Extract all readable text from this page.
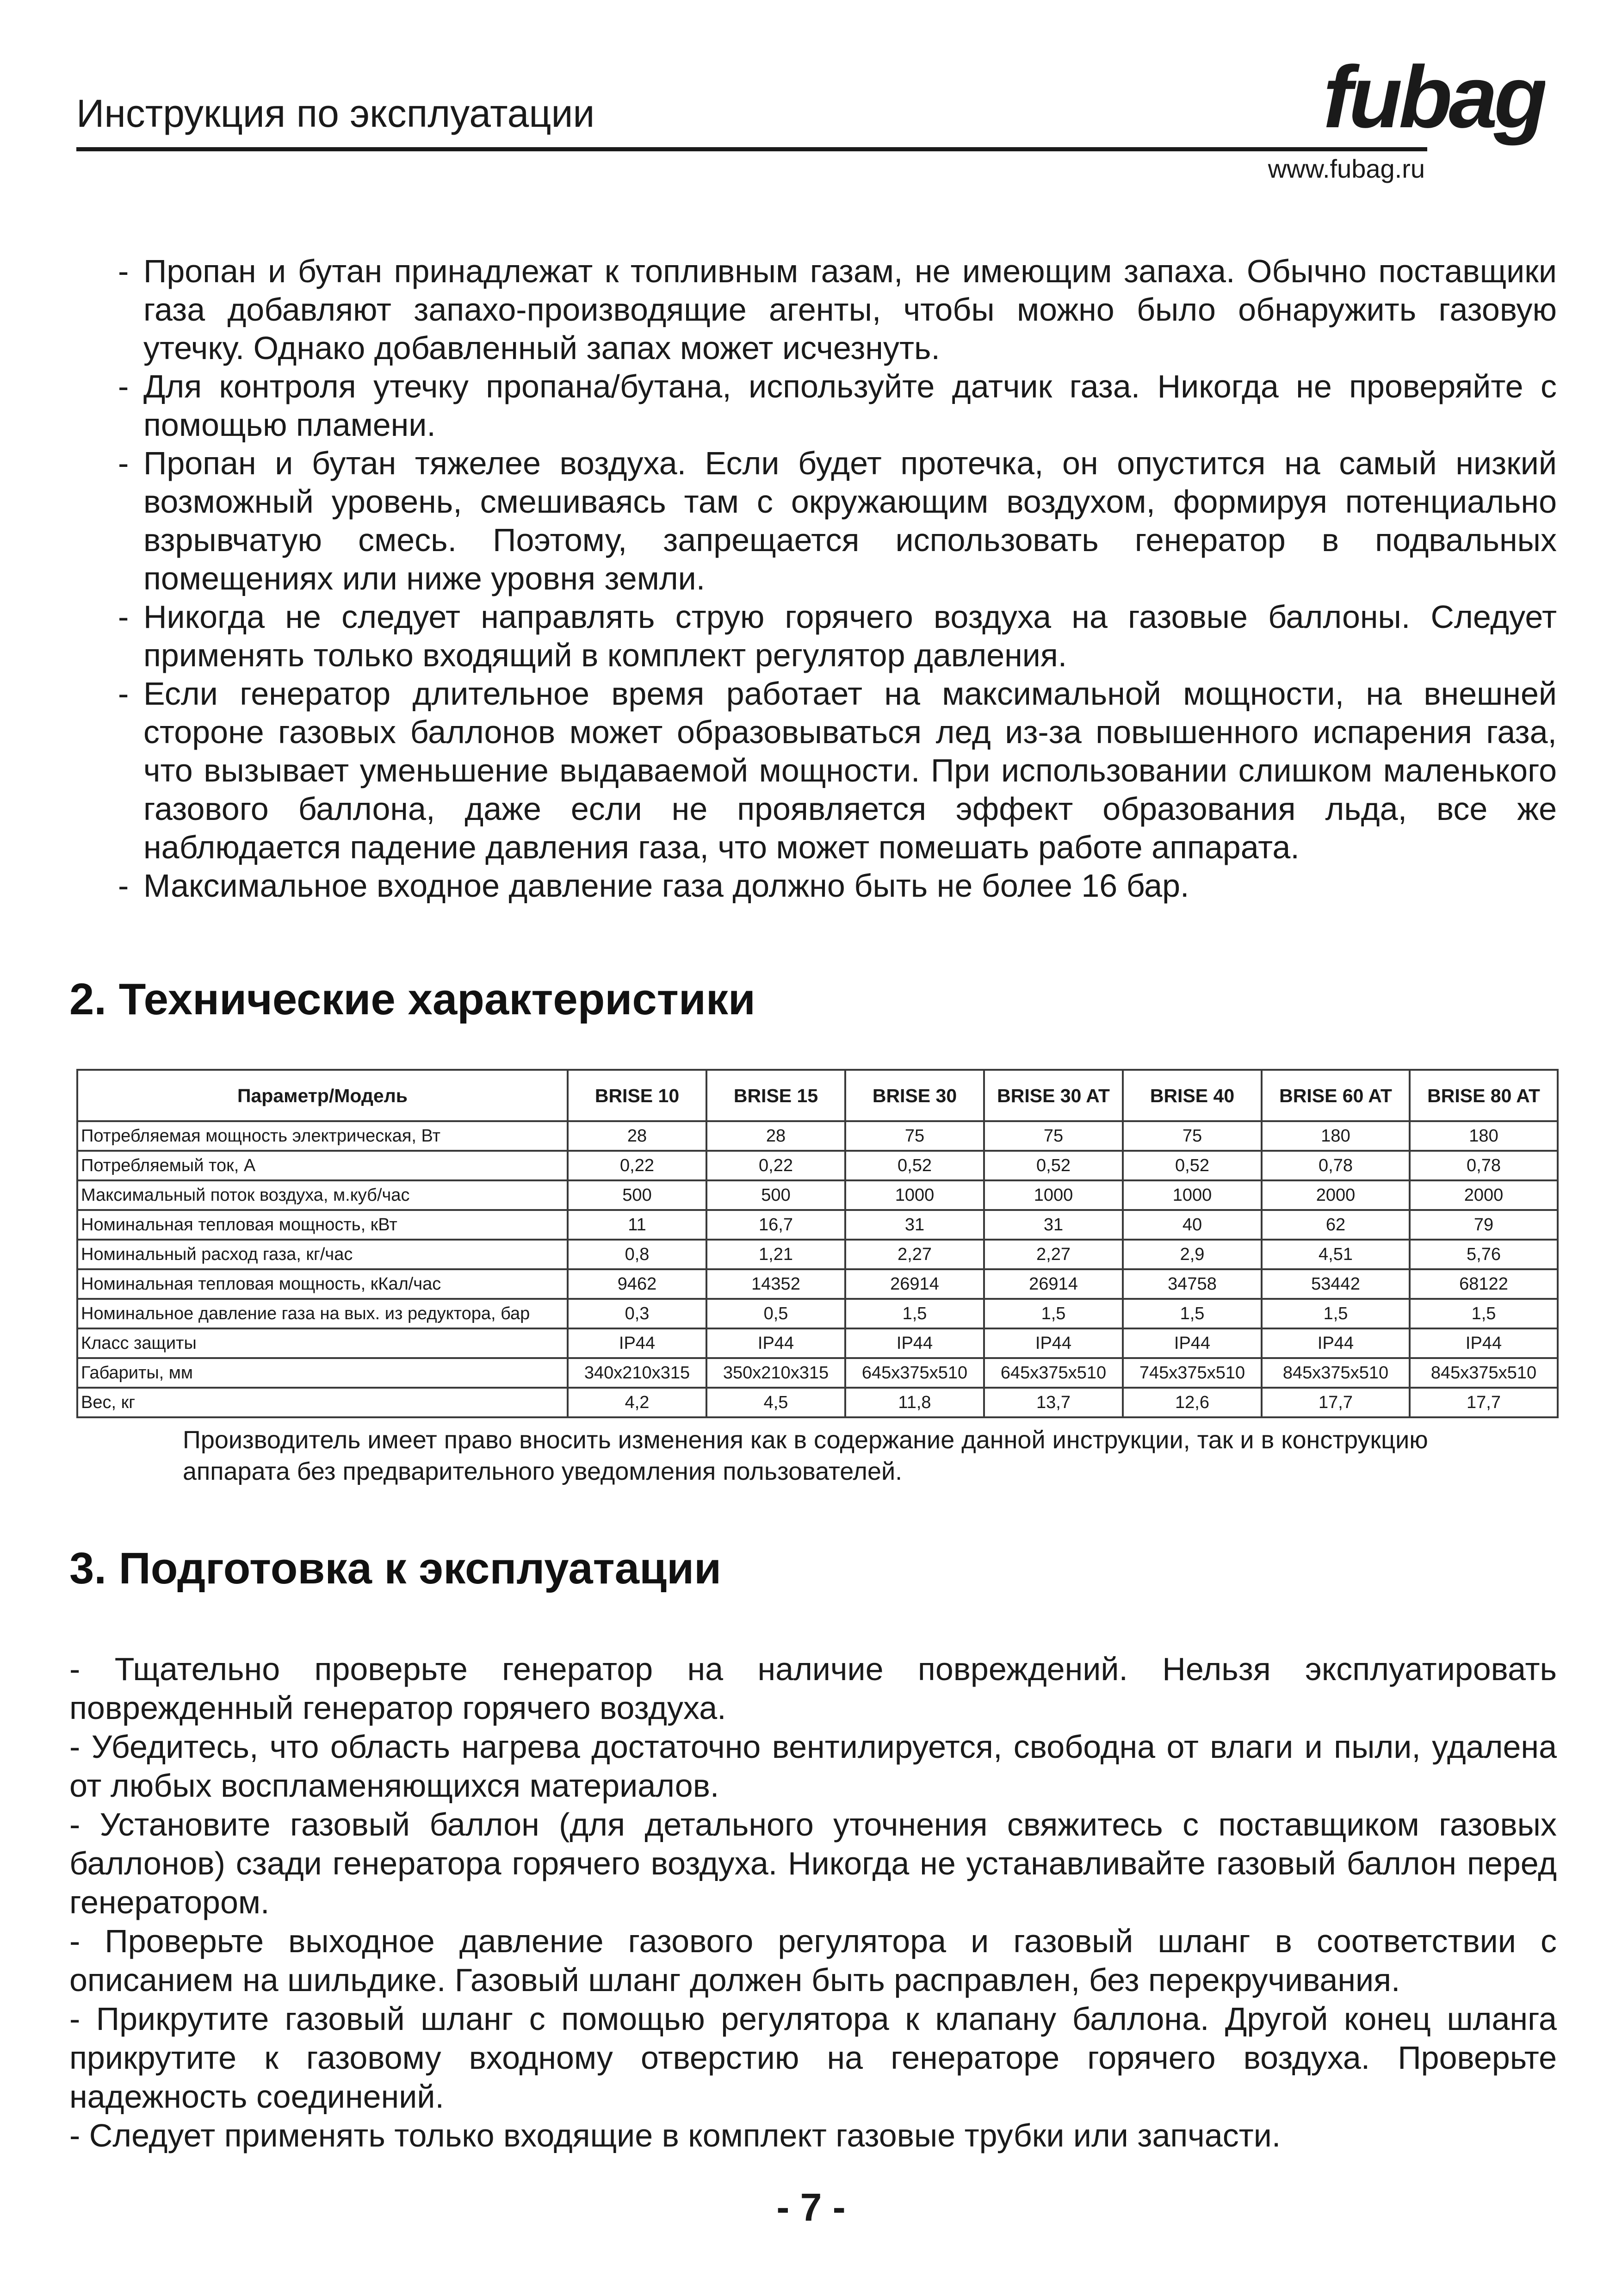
Инструкция по эксплуатации	fubag
www.fubag.ru
- Пропан и бутан принадлежат к топливным газам, не имеющим запаха. Обычно поставщики газа добавляют запахо-производящие агенты, чтобы можно было обнаружить газовую утечку. Однако добавленный запах может исчезнуть.
- Для контроля утечку пропана/бутана, используйте датчик газа. Никогда не проверяйте с помощью пламени.
- Пропан и бутан тяжелее воздуха. Если будет протечка, он опустится на самый низкий возможный уровень, смешиваясь там с окружающим воздухом, формируя потенциально взрывчатую смесь. Поэтому, запрещается использовать генератор в подвальных помещениях или ниже уровня земли.
- Никогда не следует направлять струю горячего воздуха на газовые баллоны. Следует применять только входящий в комплект регулятор давления.
- Если генератор длительное время работает на максимальной мощности, на внешней стороне газовых баллонов может образовываться лед из-за повышенного испарения газа, что вызывает уменьшение выдаваемой мощности. При использовании слишком маленького газового баллона, даже если не проявляется эффект образования льда, все же наблюдается падение давления газа, что может помешать работе аппарата.
- Максимальное входное давление газа должно быть не более 16 бар.
2. Технические характеристики
Параметр/Модель	BRISE 10	BRISE 15	BRISE 30	BRISE 30 AT	BRISE 40	BRISE 60 AT	BRISE 80 AT
Потребляемая мощность электрическая, Вт	28	28	75	75	75	180	180
Потребляемый ток, А	0,22	0,22	0,52	0,52	0,52	0,78	0,78
Максимальный поток воздуха, м.куб/час	500	500	1000	1000	1000	2000	2000
Номинальнaя тепловая мощность, кВт	11	16,7	31	31	40	62	79
Номинальный расход газа, кг/час	0,8	1,21	2,27	2,27	2,9	4,51	5,76
Номинальная тепловая мощность, кКал/час	9462	14352	26914	26914	34758	53442	68122
Номинальное давление газа на вых. из редуктора, бар	0,3	0,5	1,5	1,5	1,5	1,5	1,5
Класс защиты	IP44	IP44	IP44	IP44	IP44	IP44	IP44
Габариты, мм	340x210x315	350x210x315	645x375x510	645x375x510	745x375x510	845x375x510	845x375x510
Вес, кг	4,2	4,5	11,8	13,7	12,6	17,7	17,7
Производитель имеет право вносить изменения как в содержание данной инструкции, так и в конструкцию аппарата без предварительного уведомления пользователей.
3. Подготовка к эксплуатации
- Тщательно проверьте генератор на наличие повреждений. Нельзя эксплуатировать поврежденный генератор горячего воздуха.
- Убедитесь, что область нагрева достаточно вентилируется, свободна от влаги и пыли, удалена от любых воспламеняющихся материалов.
- Установите газовый баллон (для детального уточнения свяжитесь с поставщиком газовых баллонов) сзади генератора горячего воздуха. Никогда не устанавливайте газовый баллон перед генератором.
- Проверьте выходное давление газового регулятора и газовый шланг в соответствии с описанием на шильдике. Газовый шланг должен быть расправлен, без перекручивания.
- Прикрутите газовый шланг с помощью регулятора к клапану баллона. Другой конец шланга прикрутите к газовому входному отверстию на генераторе горячего воздуха. Проверьте надежность соединений.
- Следует применять только входящие в комплект газовые трубки или запчасти.
- 7 -
